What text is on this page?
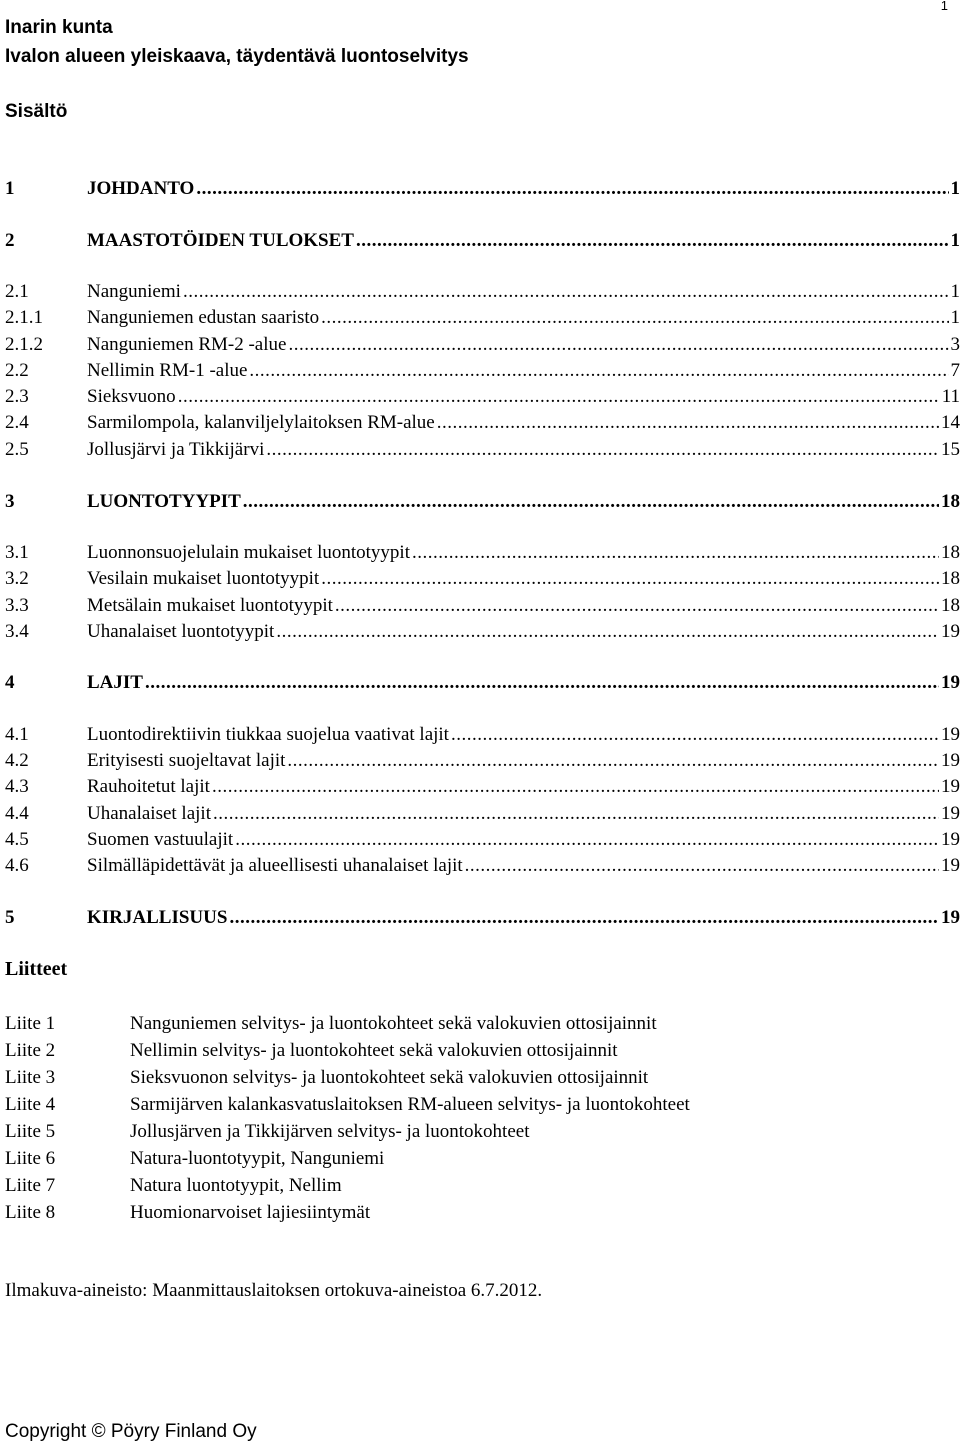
1
Inarin kunta
Ivalon alueen yleiskaava, täydentävä luontoselvitys
Sisältö
1	JOHDANTO .....	1
2	MAASTOTÖIDEN TULOKSET .....	1
2.1	Nanguniemi .....	1
2.1.1	Nanguniemen edustan saaristo .....	1
2.1.2	Nanguniemen RM-2 -alue .....	3
2.2	Nellimin RM-1 -alue .....	7
2.3	Sieksvuono .....	11
2.4	Sarmilompola, kalanviljelylaitoksen RM-alue .....	14
2.5	Jollusjärvi ja Tikkijärvi .....	15
3	LUONTOTYYPIT .....	18
3.1	Luonnonsuojelulain mukaiset luontotyypit .....	18
3.2	Vesilain mukaiset luontotyypit .....	18
3.3	Metsälain mukaiset luontotyypit .....	18
3.4	Uhanalaiset luontotyypit .....	19
4	LAJIT .....	19
4.1	Luontodirektiivin tiukkaa suojelua vaativat lajit .....	19
4.2	Erityisesti suojeltavat lajit .....	19
4.3	Rauhoitetut lajit .....	19
4.4	Uhanalaiset lajit .....	19
4.5	Suomen vastuulajit .....	19
4.6	Silmälläpidettävät ja alueellisesti uhanalaiset lajit .....	19
5	KIRJALLISUUS .....	19
Liitteet
Liite 1	Nanguniemen selvitys- ja luontokohteet sekä valokuvien ottosijainnit
Liite 2	Nellimin selvitys- ja luontokohteet sekä valokuvien ottosijainnit
Liite 3	Sieksvuonon selvitys- ja luontokohteet sekä valokuvien ottosijainnit
Liite 4	Sarmijärven kalankasvatuslaitoksen RM-alueen selvitys- ja luontokohteet
Liite 5	Jollusjärven ja Tikkijärven selvitys- ja luontokohteet
Liite 6	Natura-luontotyypit, Nanguniemi
Liite 7	Natura luontotyypit, Nellim
Liite 8	Huomionarvoiset lajiesiintymät
Ilmakuva-aineisto: Maanmittauslaitoksen ortokuva-aineistoa 6.7.2012.
Copyright © Pöyry Finland Oy
